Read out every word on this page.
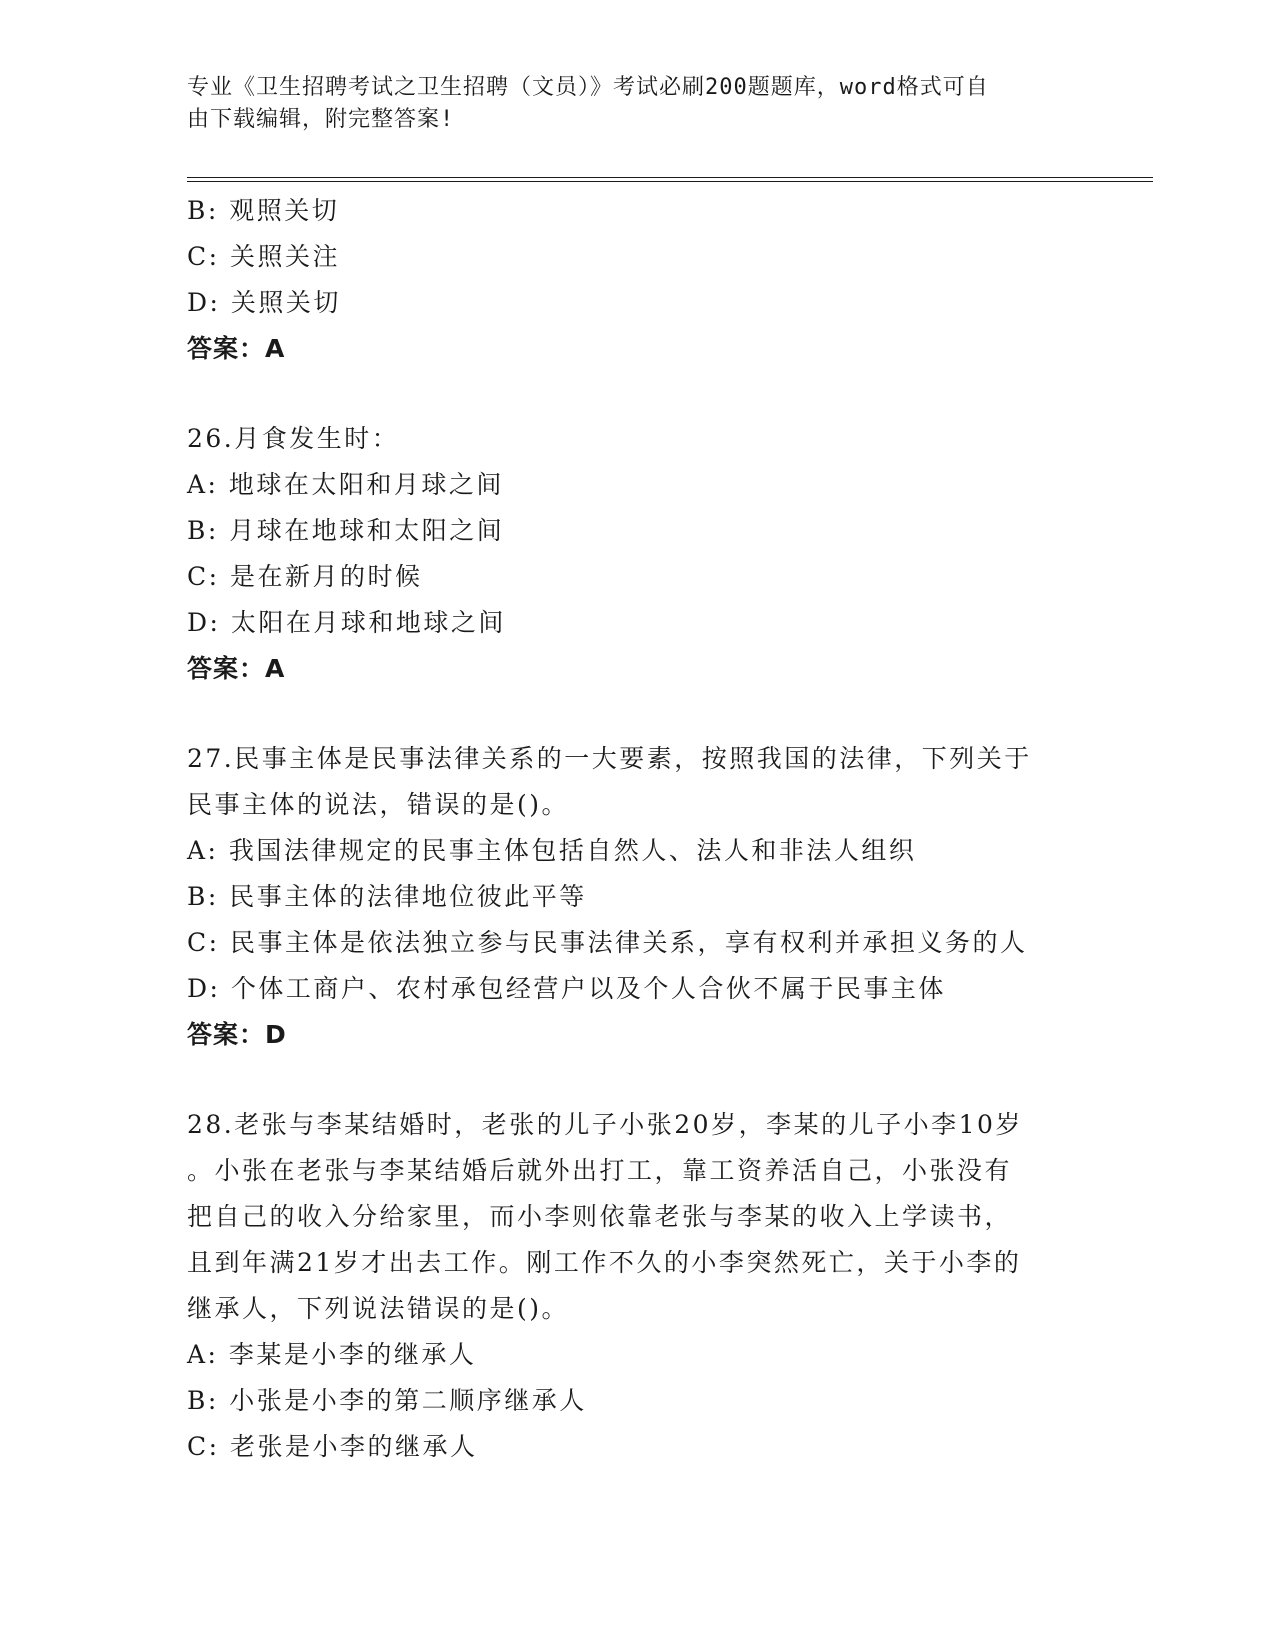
专业《卫生招聘考试之卫生招聘（文员）》考试必刷200题题库，word格式可自
由下载编辑，附完整答案!
B: 观照关切
C: 关照关注
D: 关照关切
答案：A
26.月食发生时：
A: 地球在太阳和月球之间
B: 月球在地球和太阳之间
C: 是在新月的时候
D: 太阳在月球和地球之间
答案：A
27.民事主体是民事法律关系的一大要素，按照我国的法律，下列关于
民事主体的说法，错误的是()。
A: 我国法律规定的民事主体包括自然人、法人和非法人组织
B: 民事主体的法律地位彼此平等
C: 民事主体是依法独立参与民事法律关系，享有权利并承担义务的人
D: 个体工商户、农村承包经营户以及个人合伙不属于民事主体
答案：D
28.老张与李某结婚时，老张的儿子小张20岁，李某的儿子小李10岁
。小张在老张与李某结婚后就外出打工，靠工资养活自己，小张没有
把自己的收入分给家里，而小李则依靠老张与李某的收入上学读书，
且到年满21岁才出去工作。刚工作不久的小李突然死亡，关于小李的
继承人，下列说法错误的是()。
A: 李某是小李的继承人
B: 小张是小李的第二顺序继承人
C: 老张是小李的继承人
